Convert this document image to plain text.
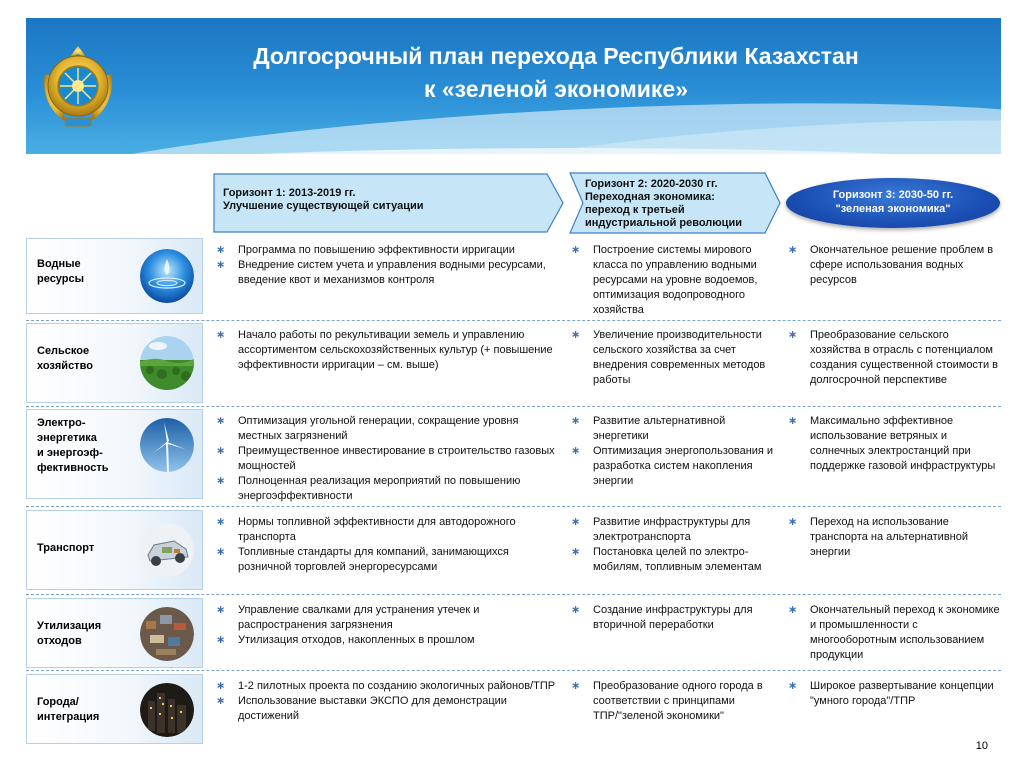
Долгосрочный план перехода Республики Казахстан
к «зеленой экономике»
Горизонт 1: 2013-2019 гг.
Улучшение существующей ситуации
Горизонт 2: 2020-2030 гг.
Переходная экономика: переход к третьей индустриальной революции
Горизонт 3: 2030-50 гг.
"зеленая экономика"
Водные
ресурсы
∗ Программа по повышению эффективности ирригации
∗ Внедрение систем учета и управления водными ресурсами, введение квот и механизмов контроля
∗ Построение системы мирового класса по управлению водными ресурсами на уровне водоемов, оптимизация водопроводного хозяйства
∗ Окончательное решение проблем в сфере использования водных ресурсов
Сельское
хозяйство
∗ Начало работы по рекультивации земель и управлению ассортиментом сельскохозяйственных культур (+ повышение эффективности ирригации – см. выше)
∗ Увеличение производительности сельского хозяйства за счет внедрения современных методов работы
∗ Преобразование сельского хозяйства в отрасль с потенциалом создания существенной стоимости в долгосрочной перспективе
Электро-
энергетика
и энергоэф-
фективность
∗ Оптимизация угольной генерации, сокращение уровня местных загрязнений
∗ Преимущественное инвестирование в строительство газовых мощностей
∗ Полноценная реализация мероприятий по повышению энергоэффективности
∗ Развитие альтернативной энергетики
∗ Оптимизация энергопользования и разработка систем накопления энергии
∗ Максимально эффективное использование ветряных и солнечных электростанций при поддержке газовой инфраструктуры
Транспорт
∗ Нормы топливной эффективности для автодорожного транспорта
∗ Топливные стандарты для компаний, занимающихся розничной торговлей энергоресурсами
∗ Развитие инфраструктуры для электротранспорта
∗ Постановка целей по электро-мобилям, топливным элементам
∗ Переход на использование транспорта на альтернативной энергии
Утилизация
отходов
∗ Управление свалками для устранения утечек и распространения загрязнения
∗ Утилизация отходов, накопленных в прошлом
∗ Создание инфраструктуры для вторичной переработки
∗ Окончательный переход к экономике и промышленности с многооборотным использованием продукции
Города/
интеграция
∗ 1-2 пилотных проекта по созданию экологичных районов/ТПР
∗ Использование выставки ЭКСПО для демонстрации достижений
∗ Преобразование одного города в соответствии с принципами ТПР/"зеленой экономики"
∗ Широкое развертывание концепции "умного города"/ТПР
10
